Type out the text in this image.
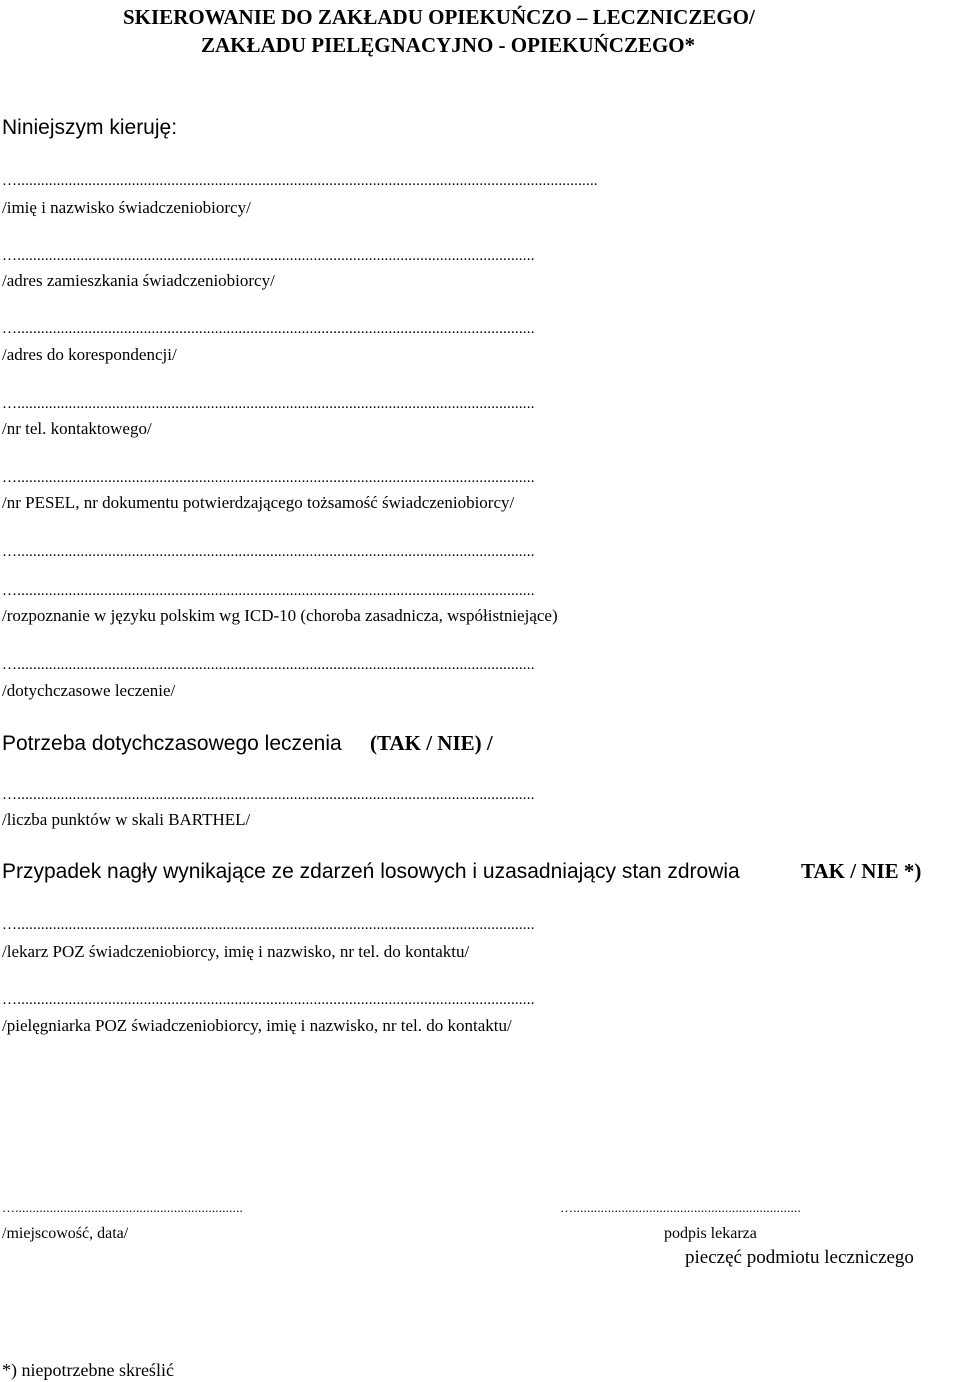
SKIEROWANIE DO ZAKŁADU OPIEKUŃCZO – LECZNICZEGO/
ZAKŁADU PIELĘGNACYJNO - OPIEKUŃCZEGO*
Niniejszym kieruję:
…...................................................................................................................................................
/imię i nazwisko świadczeniobiorcy/
…...................................................................................................................................
/adres zamieszkania świadczeniobiorcy/
…...................................................................................................................................
/adres do korespondencji/
…...................................................................................................................................
/nr tel. kontaktowego/
…...................................................................................................................................
/nr PESEL, nr dokumentu potwierdzającego tożsamość świadczeniobiorcy/
…...................................................................................................................................
…...................................................................................................................................
/rozpoznanie w języku polskim wg ICD-10 (choroba zasadnicza, współistniejące)
…...................................................................................................................................
/dotychczasowe leczenie/
Potrzeba dotychczasowego leczenia (TAK / NIE) /
…...................................................................................................................................
/liczba punktów w skali BARTHEL/
Przypadek nagły wynikające ze zdarzeń losowych i uzasadniający stan zdrowia	TAK / NIE *)
…...................................................................................................................................
/lekarz POZ świadczeniobiorcy, imię i nazwisko, nr tel. do kontaktu/
…...................................................................................................................................
/pielęgniarka POZ świadczeniobiorcy, imię i nazwisko, nr tel. do kontaktu/
…..................................................................	…..................................................................
/miejscowość, data/	podpis lekarza
pieczęć podmiotu leczniczego
*) niepotrzebne skreślić
